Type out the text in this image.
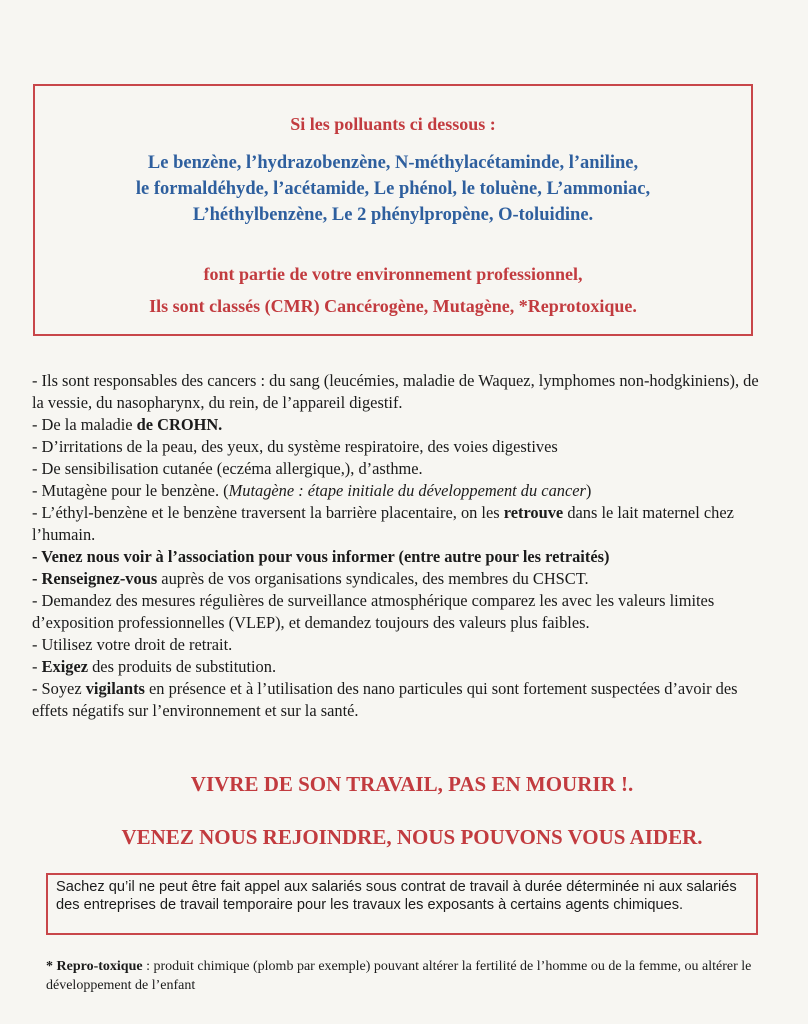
Si les polluants ci dessous :
Le benzène, l’hydrazobenzène, N-méthylacétaminde, l’aniline,
le formaldéhyde, l’acétamide, Le phénol, le toluène, L’ammoniac,
L’héthylbenzène, Le 2 phénylpropène, O-toluidine.
font partie de votre environnement professionnel,
Ils sont classés (CMR) Cancérogène, Mutagène, *Reprotoxique.

- Ils sont responsables des cancers : du sang (leucémies, maladie de Waquez, lymphomes non-hodgkiniens), de la vessie, du nasopharynx, du rein, de l’appareil digestif.

- De la maladie de CROHN.

- D’irritations de la peau, des yeux, du système respiratoire, des voies digestives

- De sensibilisation cutanée (eczéma allergique,), d’asthme.

- Mutagène pour le benzène. (Mutagène : étape initiale du développement du cancer)

- L’éthyl-benzène et le benzène traversent la barrière placentaire, on les retrouve dans le lait maternel chez l’humain.

- Venez nous voir à l’association pour vous informer (entre autre pour les retraités)

- Renseignez-vous auprès de vos organisations syndicales, des membres du CHSCT.

- Demandez des mesures régulières de surveillance atmosphérique comparez les avec les valeurs limites d’exposition professionnelles (VLEP), et demandez toujours des valeurs plus faibles.

- Utilisez votre droit de retrait.

- Exigez des produits de substitution.

- Soyez vigilants en présence et à l’utilisation des nano particules qui sont fortement suspectées d’avoir des effets négatifs sur l’environnement et sur la santé.

VIVRE DE SON TRAVAIL, PAS EN MOURIR !.
VENEZ NOUS REJOINDRE, NOUS POUVONS VOUS AIDER.
Sachez qu’il ne peut être fait appel aux salariés sous contrat de travail à durée déterminée ni aux salariés des entreprises de travail temporaire pour les travaux les exposants à certains agents chimiques.
* Repro-toxique : produit chimique (plomb par exemple) pouvant altérer la fertilité de l’homme ou de la femme, ou altérer le développement de l’enfant
